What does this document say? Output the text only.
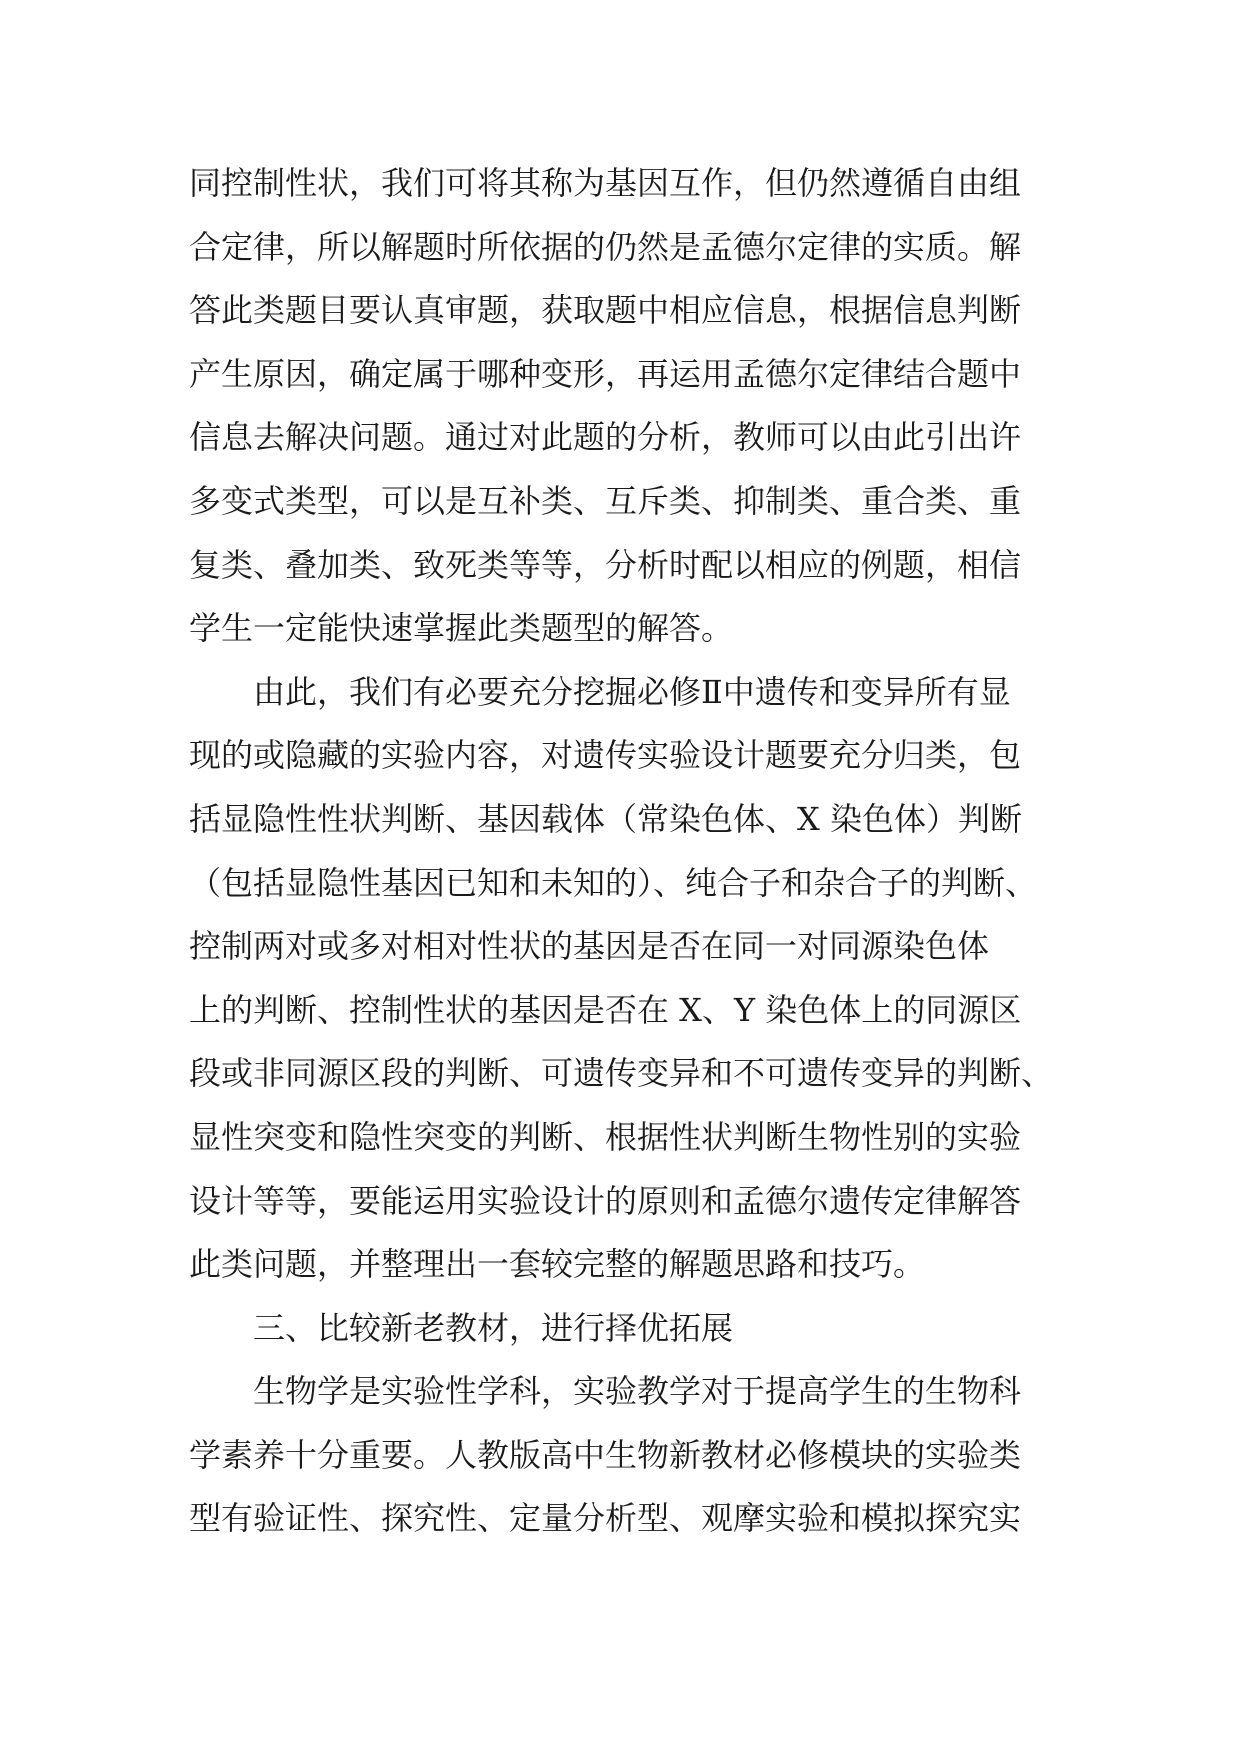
同控制性状，我们可将其称为基因互作，但仍然遵循自由组
合定律，所以解题时所依据的仍然是孟德尔定律的实质。解
答此类题目要认真审题，获取题中相应信息，根据信息判断
产生原因，确定属于哪种变形，再运用孟德尔定律结合题中
信息去解决问题。通过对此题的分析，教师可以由此引出许
多变式类型，可以是互补类、互斥类、抑制类、重合类、重
复类、叠加类、致死类等等，分析时配以相应的例题，相信
学生一定能快速掌握此类题型的解答。
由此，我们有必要充分挖掘必修Ⅱ中遗传和变异所有显
现的或隐藏的实验内容，对遗传实验设计题要充分归类，包
括显隐性性状判断、基因载体（常染色体、X 染色体）判断
（包括显隐性基因已知和未知的）、纯合子和杂合子的判断、
控制两对或多对相对性状的基因是否在同一对同源染色体
上的判断、控制性状的基因是否在 X、Y 染色体上的同源区
段或非同源区段的判断、可遗传变异和不可遗传变异的判断、
显性突变和隐性突变的判断、根据性状判断生物性别的实验
设计等等，要能运用实验设计的原则和孟德尔遗传定律解答
此类问题，并整理出一套较完整的解题思路和技巧。
三、比较新老教材，进行择优拓展
生物学是实验性学科，实验教学对于提高学生的生物科
学素养十分重要。人教版高中生物新教材必修模块的实验类
型有验证性、探究性、定量分析型、观摩实验和模拟探究实
